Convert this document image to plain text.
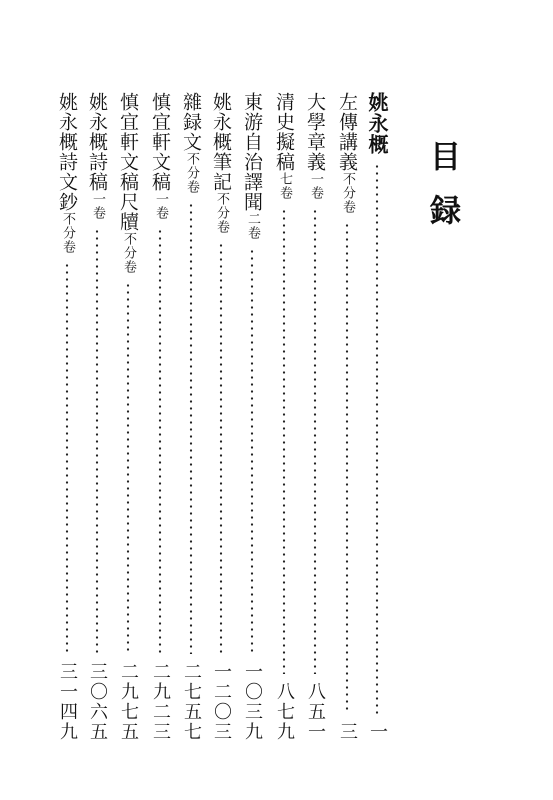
目録
姚永概
一
左傳講義
不分卷
三
大學章義
一卷
八五一
清史擬稿
七卷
八七九
東游自治譯聞
二卷
一〇三九
姚永概筆記
不分卷
一二〇三
雜録文
不分卷
二七五七
慎宜軒文稿
一卷
二九二三
慎宜軒文稿尺牘
不分卷
二九七五
姚永概詩稿
一卷
三〇六五
姚永概詩文鈔
不分卷
三一四九
